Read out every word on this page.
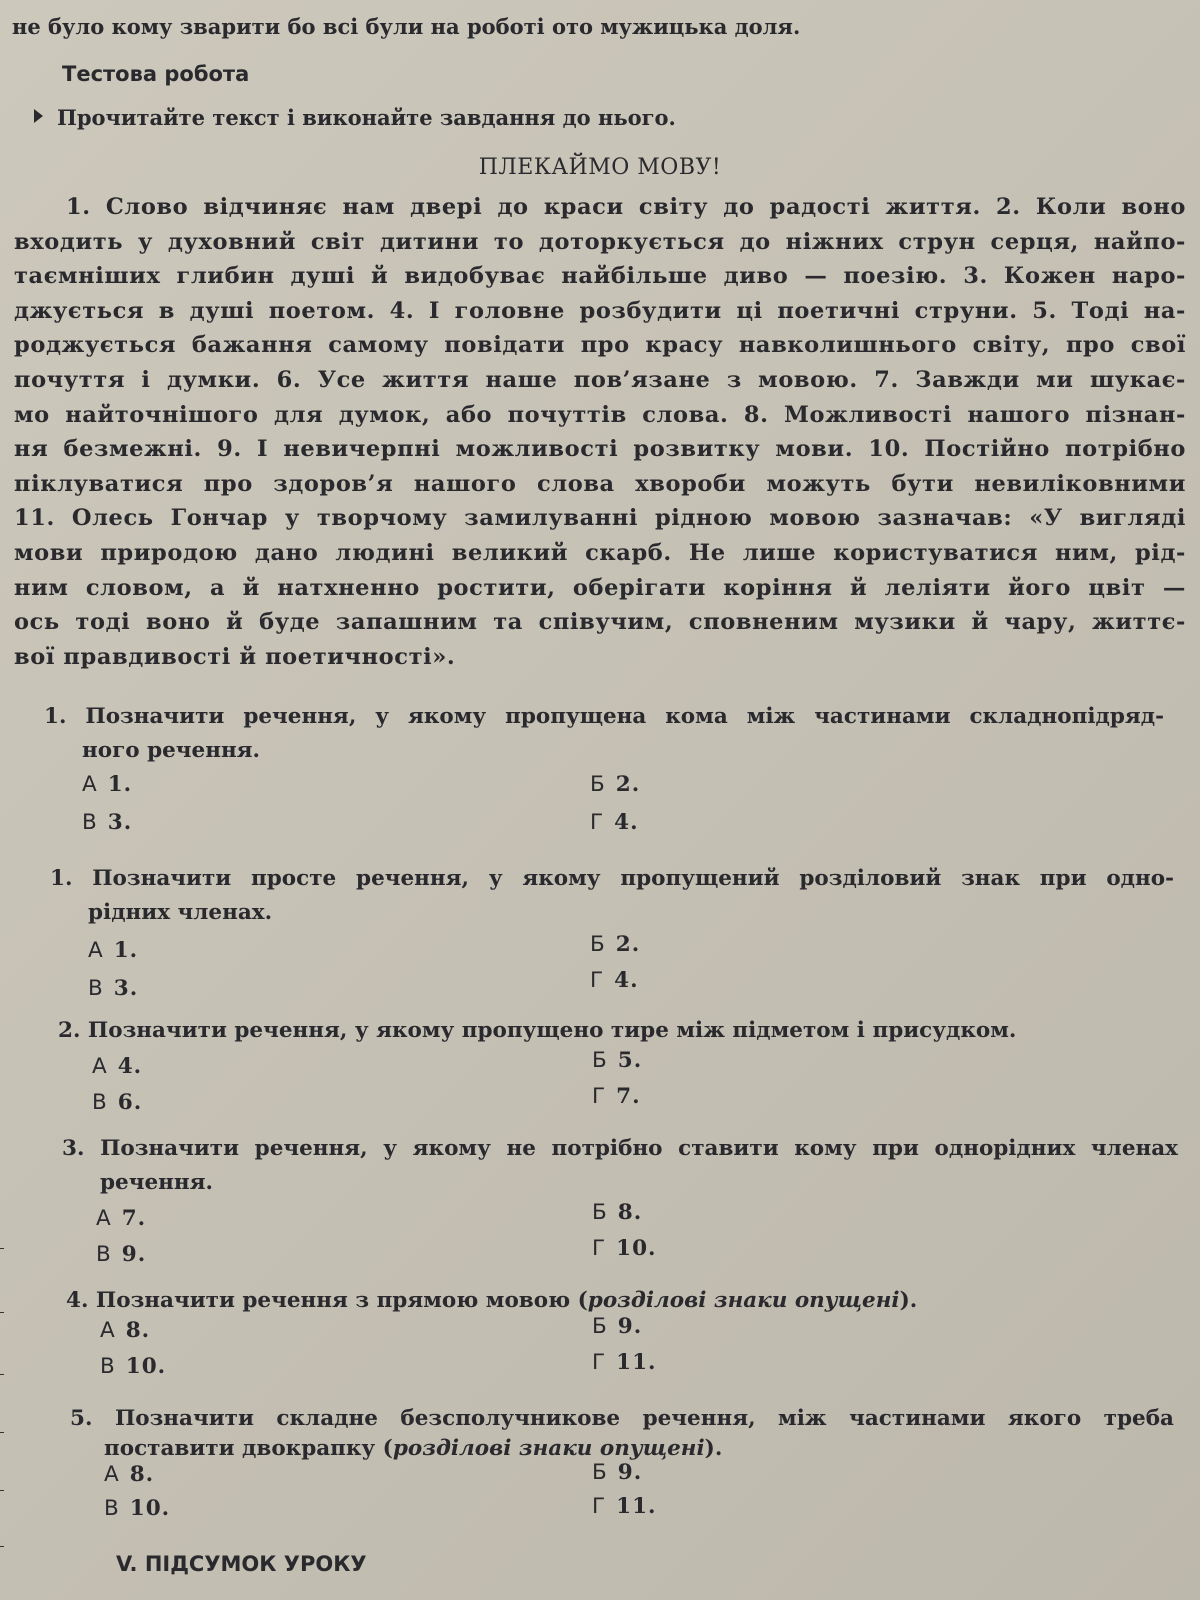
не було кому зварити бо всі були на роботі ото мужицька доля.
Тестова робота
Прочитайте текст і виконайте завдання до нього.
ПЛЕКАЙМО МОВУ!
1. Слово відчиняє нам двері до краси світу до радості життя. 2. Коли воно
входить у духовний світ дитини то доторкується до ніжних струн серця, найпо-
таємніших глибин душі й видобуває найбільше диво — поезію. 3. Кожен наро-
джується в душі поетом. 4. І головне розбудити ці поетичні струни. 5. Тоді на-
роджується бажання самому повідати про красу навколишнього світу, про свої
почуття і думки. 6. Усе життя наше пов’язане з мовою. 7. Завжди ми шукає-
мо найточнішого для думок, або почуттів слова. 8. Можливості нашого пізнан-
ня безмежні. 9. І невичерпні можливості розвитку мови. 10. Постійно потрібно
піклуватися про здоров’я нашого слова хвороби можуть бути невиліковними
11. Олесь Гончар у творчому замилуванні рідною мовою зазначав: «У вигляді
мови природою дано людині великий скарб. Не лише користуватися ним, рід-
ним словом, а й натхненно ростити, оберігати коріння й леліяти його цвіт —
ось тоді воно й буде запашним та співучим, сповненим музики й чару, життє-
вої правдивості й поетичності».
1. Позначити речення, у якому пропущена кома між частинами складнопідряд-
ного речення.
А 1.	Б 2.
В 3.	Г 4.
1. Позначити просте речення, у якому пропущений розділовий знак при одно-
рідних членах.
А 1.	Б 2.
В 3.	Г 4.
2. Позначити речення, у якому пропущено тире між підметом і присудком.
А 4.	Б 5.
В 6.	Г 7.
3. Позначити речення, у якому не потрібно ставити кому при однорідних членах
речення.
А 7.	Б 8.
В 9.	Г 10.
4. Позначити речення з прямою мовою (розділові знаки опущені).
А 8.	Б 9.
В 10.	Г 11.
5. Позначити складне безсполучникове речення, між частинами якого треба
поставити двокрапку (розділові знаки опущені).
А 8.	Б 9.
В 10.	Г 11.
V. ПІДСУМОК УРОКУ
